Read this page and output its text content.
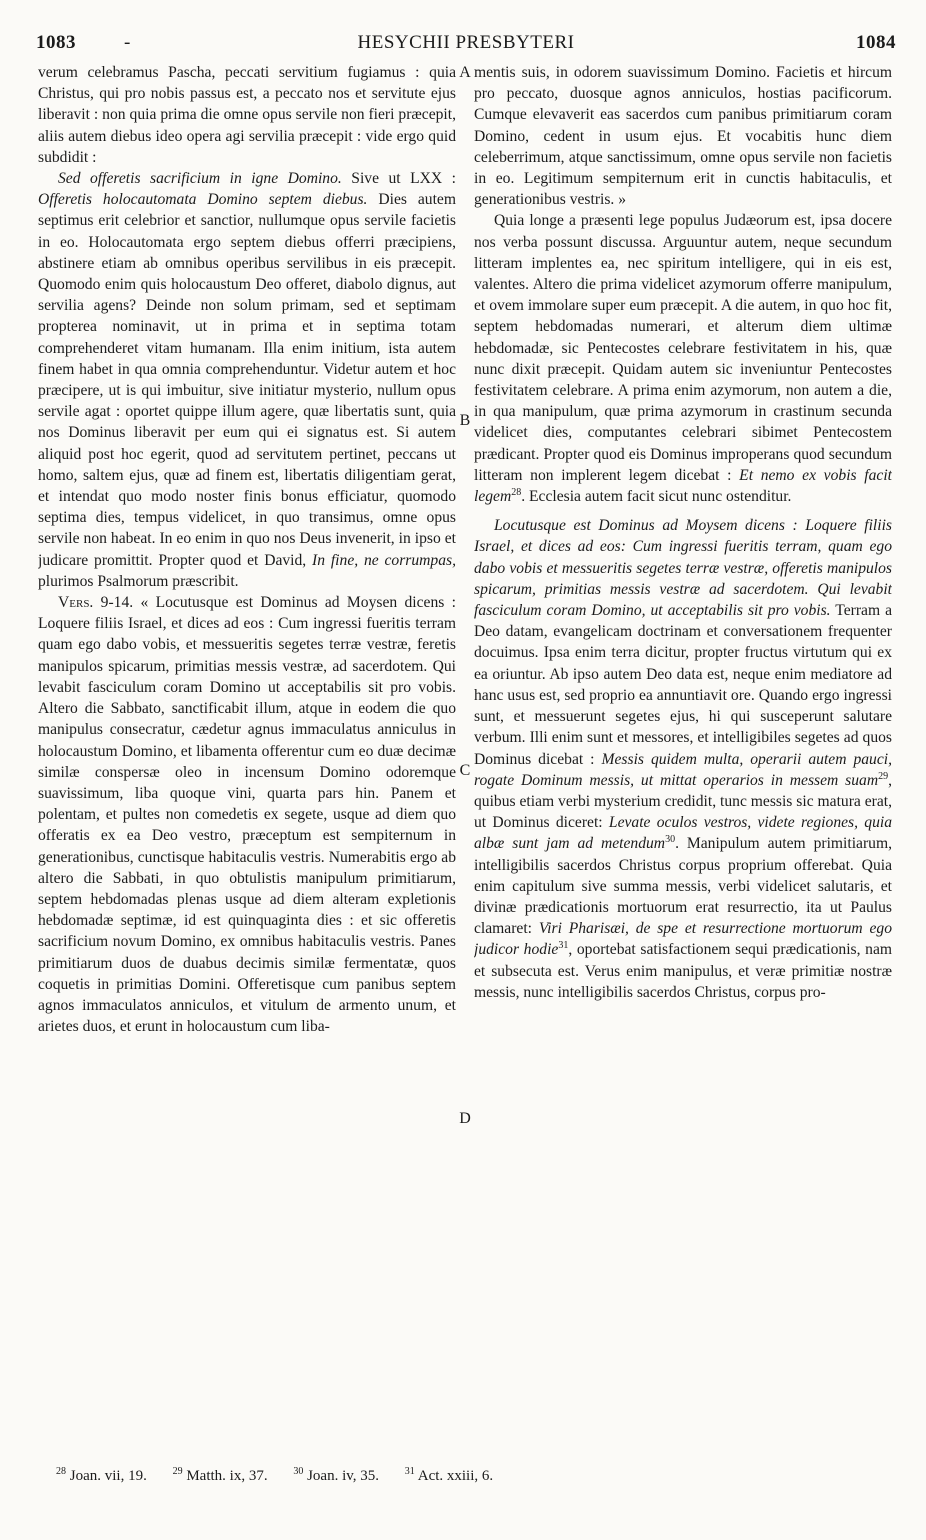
1083	-	HESYCHII PRESBYTERI	1084

verum celebramus Pascha, peccati servitium fugiamus : quia Christus, qui pro nobis passus est, a peccato nos et servitute ejus liberavit : non quia prima die omne opus servile non fieri præcepit, aliis autem diebus ideo opera agi servilia præcepit : vide ergo quid subdidit :

Sed offeretis sacrificium in igne Domino. Sive ut LXX : Offeretis holocautomata Domino septem diebus. Dies autem septimus erit celebrior et sanctior, nullumque opus servile facietis in eo. Holocautomata ergo septem diebus offerri præcipiens, abstinere etiam ab omnibus operibus servilibus in eis præcepit. Quomodo enim quis holocaustum Deo offeret, diabolo dignus, aut servilia agens? Deinde non solum primam, sed et septimam propterea nominavit, ut in prima et in septima totam comprehenderet vitam humanam. Illa enim initium, ista autem finem habet in qua omnia comprehenduntur. Videtur autem et hoc præcipere, ut is qui imbuitur, sive initiatur mysterio, nullum opus servile agat : oportet quippe illum agere, quæ libertatis sunt, quia nos Dominus liberavit per eum qui ei signatus est. Si autem aliquid post hoc egerit, quod ad servitutem pertinet, peccans ut homo, saltem ejus, quæ ad finem est, libertatis diligentiam gerat, et intendat quo modo noster finis bonus efficiatur, quomodo septima dies, tempus videlicet, in quo transimus, omne opus servile non habeat. In eo enim in quo nos Deus invenerit, in ipso et judicare promittit. Propter quod et David, In fine, ne corrumpas, plurimos Psalmorum præscribit.

Vers. 9-14. « Locutusque est Dominus ad Moysen dicens : Loquere filiis Israel, et dices ad eos : Cum ingressi fueritis terram quam ego dabo vobis, et messueritis segetes terræ vestræ, feretis manipulos spicarum, primitias messis vestræ, ad sacerdotem. Qui levabit fasciculum coram Domino ut acceptabilis sit pro vobis. Altero die Sabbato, sanctificabit illum, atque in eodem die quo manipulus consecratur, cædetur agnus immaculatus anniculus in holocaustum Domino, et libamenta offerentur cum eo duæ decimæ similæ conspersæ oleo in incensum Domino odoremque suavissimum, liba quoque vini, quarta pars hin. Panem et polentam, et pultes non comedetis ex segete, usque ad diem quo offeratis ex ea Deo vestro, præceptum est sempiternum in generationibus, cunctisque habitaculis vestris. Numerabitis ergo ab altero die Sabbati, in quo obtulistis manipulum primitiarum, septem hebdomadas plenas usque ad diem alteram expletionis hebdomadæ septimæ, id est quinquaginta dies : et sic offeretis sacrificium novum Domino, ex omnibus habitaculis vestris. Panes primitiarum duos de duabus decimis similæ fermentatæ, quos coquetis in primitias Domini. Offeretisque cum panibus septem agnos immaculatos anniculos, et vitulum de armento unum, et arietes duos, et erunt in holocaustum cum liba-

A
B
C
D

mentis suis, in odorem suavissimum Domino. Facietis et hircum pro peccato, duosque agnos anniculos, hostias pacificorum. Cumque elevaverit eas sacerdos cum panibus primitiarum coram Domino, cedent in usum ejus. Et vocabitis hunc diem celeberrimum, atque sanctissimum, omne opus servile non facietis in eo. Legitimum sempiternum erit in cunctis habitaculis, et generationibus vestris. »

Quia longe a præsenti lege populus Judæorum est, ipsa docere nos verba possunt discussa. Arguuntur autem, neque secundum litteram implentes ea, nec spiritum intelligere, qui in eis est, valentes. Altero die prima videlicet azymorum offerre manipulum, et ovem immolare super eum præcepit. A die autem, in quo hoc fit, septem hebdomadas numerari, et alterum diem ultimæ hebdomadæ, sic Pentecostes celebrare festivitatem in his, quæ nunc dixit præcepit. Quidam autem sic inveniuntur Pentecostes festivitatem celebrare. A prima enim azymorum, non autem a die, in qua manipulum, quæ prima azymorum in crastinum secunda videlicet dies, computantes celebrari sibimet Pentecostem prædicant. Propter quod eis Dominus improperans quod secundum litteram non implerent legem dicebat : Et nemo ex vobis facit legem$^{28}$. Ecclesia autem facit sicut nunc ostenditur.

Locutusque est Dominus ad Moysem dicens : Loquere filiis Israel, et dices ad eos: Cum ingressi fueritis terram, quam ego dabo vobis et messueritis segetes terræ vestræ, offeretis manipulos spicarum, primitias messis vestræ ad sacerdotem. Qui levabit fasciculum coram Domino, ut acceptabilis sit pro vobis. Terram a Deo datam, evangelicam doctrinam et conversationem frequenter docuimus. Ipsa enim terra dicitur, propter fructus virtutum qui ex ea oriuntur. Ab ipso autem Deo data est, neque enim mediatore ad hanc usus est, sed proprio ea annuntiavit ore. Quando ergo ingressi sunt, et messuerunt segetes ejus, hi qui susceperunt salutare verbum. Illi enim sunt et messores, et intelligibiles segetes ad quos Dominus dicebat : Messis quidem multa, operarii autem pauci, rogate Dominum messis, ut mittat operarios in messem suam$^{29}$, quibus etiam verbi mysterium credidit, tunc messis sic matura erat, ut Dominus diceret: Levate oculos vestros, videte regiones, quia albæ sunt jam ad metendum$^{30}$. Manipulum autem primitiarum, intelligibilis sacerdos Christus corpus proprium offerebat. Quia enim capitulum sive summa messis, verbi videlicet salutaris, et divinæ prædicationis mortuorum erat resurrectio, ita ut Paulus clamaret: Viri Pharisæi, de spe et resurrectione mortuorum ego judicor hodie$^{31}$, oportebat satisfactionem sequi prædicationis, nam et subsecuta est. Verus enim manipulus, et veræ primitiæ nostræ messis, nunc intelligibilis sacerdos Christus, corpus pro-

$^{28}$ Joan. vii, 19.	$^{29}$ Matth. ix, 37.	$^{30}$ Joan. iv, 35.	$^{31}$ Act. xxiii, 6.
